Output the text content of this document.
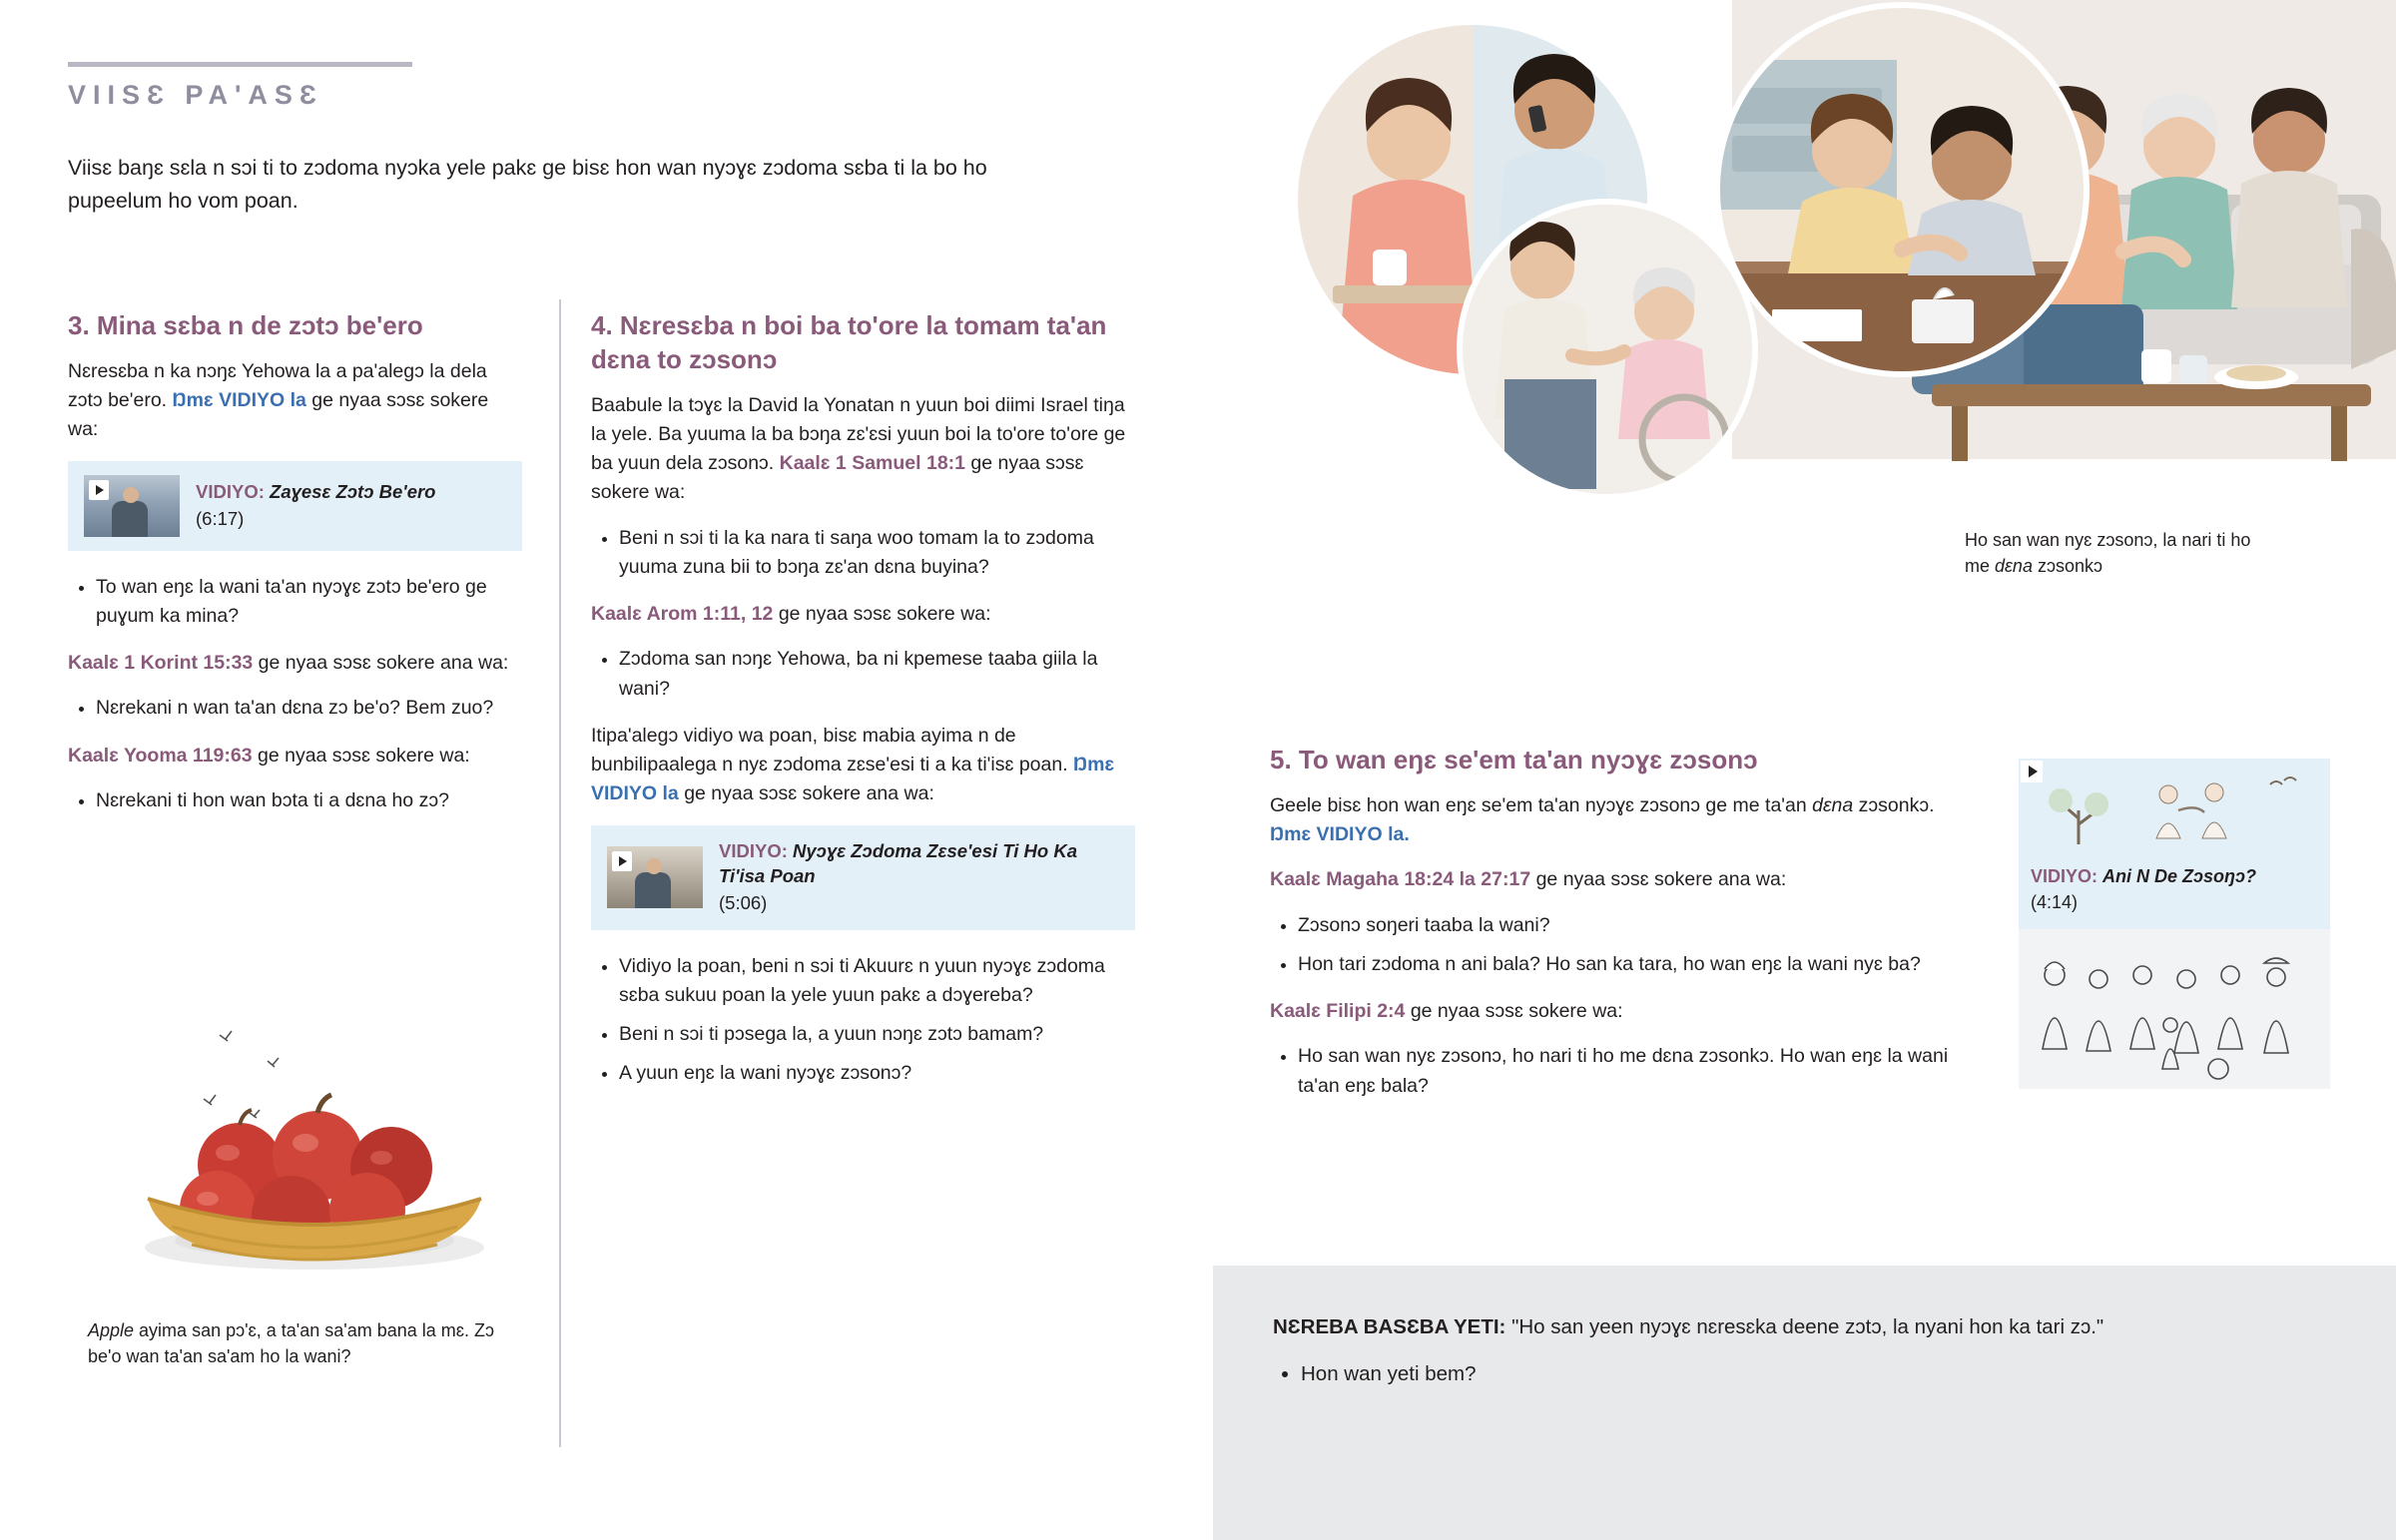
VIISƐ PA'ASƐ
Viisɛ baŋɛ sɛla n sɔi ti to zɔdoma nyɔka yele pakɛ ge bisɛ hon wan nyɔɣɛ zɔdoma sɛba ti la bo ho pupeelum ho vom poan.
3. Mina sɛba n de zɔtɔ be'ero

Nɛresɛba n ka nɔŋɛ Yehowa la a pa'alegɔ la dela zɔtɔ be'ero. Ŋmɛ VIDIYO la ge nyaa sɔsɛ sokere wa:

VIDIYO: Zaɣesɛ Zɔtɔ Be'ero
(6:17)
• To wan eŋɛ la wani ta'an nyɔɣɛ zɔtɔ be'ero ge puɣum ka mina?

Kaalɛ 1 Korint 15:33 ge nyaa sɔsɛ sokere ana wa:

• Nɛrekani n wan ta'an dɛna zɔ be'o? Bem zuo?

Kaalɛ Yooma 119:63 ge nyaa sɔsɛ sokere wa:

• Nɛrekani ti hon wan bɔta ti a dɛna ho zɔ?
Apple ayima san pɔ'ɛ, a ta'an sa'am bana la mɛ. Zɔ be'o wan ta'an sa'am ho la wani?
4. Nɛresɛba n boi ba to'ore la tomam ta'an dɛna to zɔsonɔ

Baabule la tɔɣɛ la David la Yonatan n yuun boi diimi Israel tiŋa la yele. Ba yuuma la ba bɔŋa zɛ'ɛsi yuun boi la to'ore to'ore ge ba yuun dela zɔsonɔ. Kaalɛ 1 Samuel 18:1 ge nyaa sɔsɛ sokere wa:

• Beni n sɔi ti la ka nara ti saŋa woo tomam la to zɔdoma yuuma zuna bii to bɔŋa zɛ'an dɛna buyina?

Kaalɛ Arom 1:11, 12 ge nyaa sɔsɛ sokere wa:

• Zɔdoma san nɔŋɛ Yehowa, ba ni kpemese taaba giila la wani?

Itipa'alegɔ vidiyo wa poan, bisɛ mabia ayima n de bunbilipaalega n nyɛ zɔdoma zɛse'esi ti a ka ti'isɛ poan. Ŋmɛ VIDIYO la ge nyaa sɔsɛ sokere ana wa:

VIDIYO: Nyɔɣɛ Zɔdoma Zɛse'esi Ti Ho Ka Ti'isa Poan
(5:06)
• Vidiyo la poan, beni n sɔi ti Akuurɛ n yuun nyɔɣɛ zɔdoma sɛba sukuu poan la yele yuun pakɛ a dɔɣereba?
• Beni n sɔi ti pɔsega la, a yuun nɔŋɛ zɔtɔ bamam?
• A yuun eŋɛ la wani nyɔɣɛ zɔsonɔ?
Ho san wan nyɛ zɔsonɔ, la nari ti ho me dɛna zɔsonkɔ
5. To wan eŋɛ se'em ta'an nyɔɣɛ zɔsonɔ

Geele bisɛ hon wan eŋɛ se'em ta'an nyɔɣɛ zɔsonɔ ge me ta'an dɛna zɔsonkɔ. Ŋmɛ VIDIYO la.

Kaalɛ Magaha 18:24 la 27:17 ge nyaa sɔsɛ sokere ana wa:

• Zɔsonɔ soŋeri taaba la wani?
• Hon tari zɔdoma n ani bala? Ho san ka tara, ho wan eŋɛ la wani nyɛ ba?

Kaalɛ Filipi 2:4 ge nyaa sɔsɛ sokere wa:

• Ho san wan nyɛ zɔsonɔ, ho nari ti ho me dɛna zɔsonkɔ. Ho wan eŋɛ la wani ta'an eŋɛ bala?
VIDIYO: Ani N De Zɔsoŋɔ?
(4:14)

NƐREBA BASƐBA YETI: "Ho san yeen nyɔɣɛ nɛresɛka deene zɔtɔ, la nyani hon ka tari zɔ."

• Hon wan yeti bem?
